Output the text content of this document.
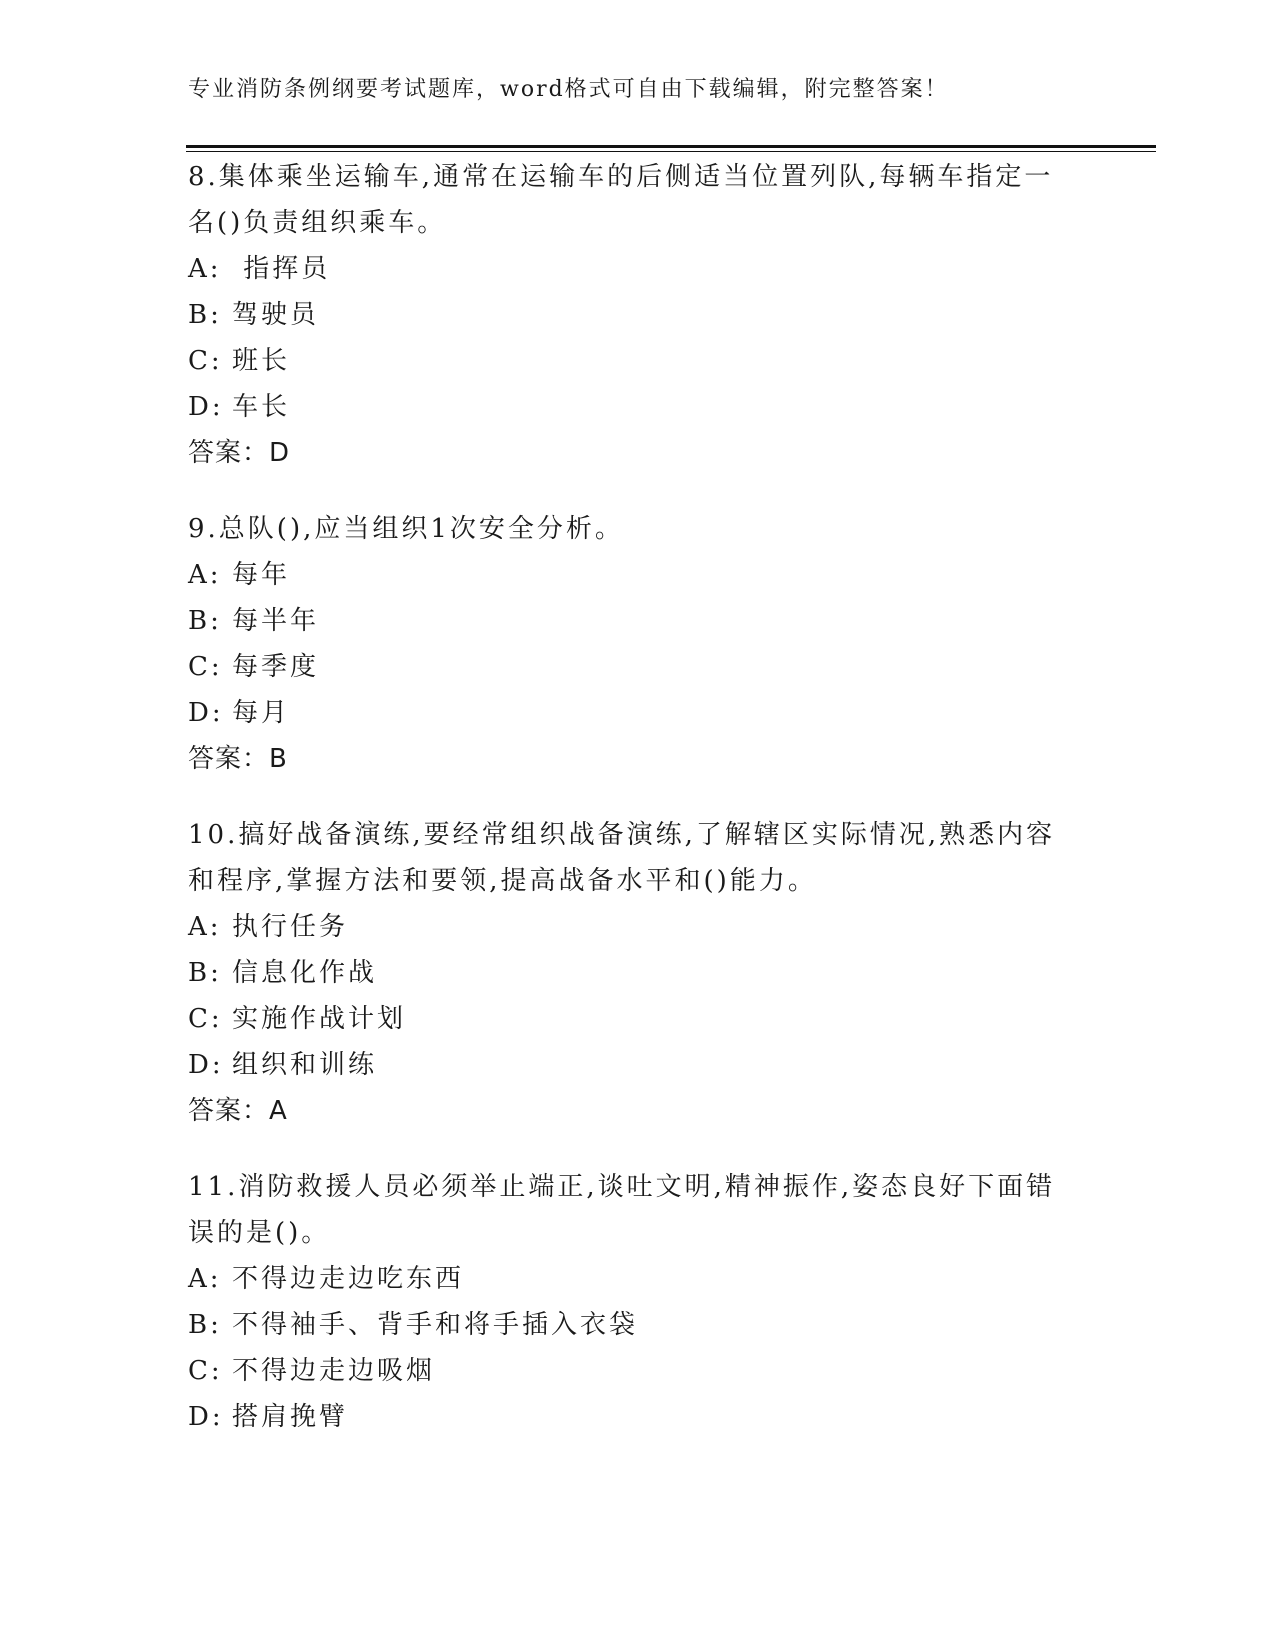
专业消防条例纲要考试题库，word格式可自由下载编辑，附完整答案！

8.集体乘坐运输车,通常在运输车的后侧适当位置列队,每辆车指定一名()负责组织乘车。

A: 指挥员
B: 驾驶员
C: 班长
D: 车长
答案：D

9.总队(),应当组织1次安全分析。

A: 每年
B: 每半年
C: 每季度
D: 每月
答案：B

10.搞好战备演练,要经常组织战备演练,了解辖区实际情况,熟悉内容和程序,掌握方法和要领,提高战备水平和()能力。

A: 执行任务
B: 信息化作战
C: 实施作战计划
D: 组织和训练
答案：A

11.消防救援人员必须举止端正,谈吐文明,精神振作,姿态良好下面错误的是()。

A: 不得边走边吃东西
B: 不得袖手、背手和将手插入衣袋
C: 不得边走边吸烟
D: 搭肩挽臂
